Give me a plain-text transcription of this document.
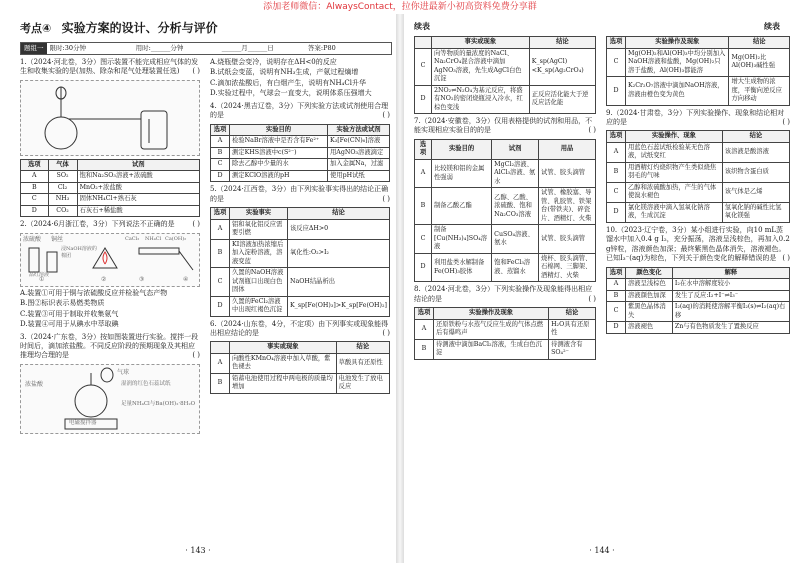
添加老师微信：AlwaysContact，拉你进最新小初高资料免费分享群
考点④ 实验方案的设计、分析与评价
题组一 限时:30分钟	用时:______分钟	______月______日	答案:P80
1.（2024·河北卷，3分）图示装置不能完成相应气体的发生和收集实验的是(加热、除杂和尾气处理装置任选) ( )
选项	气体	试剂
A	SO₂	饱和Na₂SO₃溶液+浓硫酸
B	Cl₂	MnO₂+浓盐酸
C	NH₃	固体NH₄Cl+熟石灰
D	CO₂	石灰石+稀盐酸
2.（2024·6月浙江卷，3分）下列说法不正确的是	( )
浓硫酸 铜丝
浸NaOH溶液的棉团
品红溶液
CaCl₂ NH₄Cl Ca(OH)₂
①	②	③	④
A.装置①可用于铜与浓硫酸反应并检验气态产物
B.图②标识表示易燃类物质
C.装置③可用于制取并收集氨气
D.装置④可用于从碘水中萃取碘
3.（2024·广东卷，3分）按如图装置进行实验。搅拌一段时间后，滴加浓盐酸。不同反应阶段的预期现象及其相应推理均合理的是	( )
浓盐酸
气球
湿润的红色石蕊试纸
足量NH₄Cl与Ba(OH)₂·8H₂O
电磁搅拌器
A.烧瓶壁会变冷，说明存在ΔH<0的反应
B.试纸会变蓝，说明有NH₃生成，产氨过程熵增
C.滴加浓盐酸后，有白烟产生，说明有NH₄Cl升华
D.实验过程中，气球会一直变大，说明体系压强增大
4.（2024·黑吉辽卷，3分）下列实验方法或试剂使用合理的是	( )
选项	实验目的	实验方法或试剂
A	检验NaBr溶液中是否含有Fe²⁺	K₃[Fe(CN)₆]溶液
B	测定KHS溶液中c(S²⁻)	用AgNO₃溶液滴定
C	除去乙醇中少量的水	加入金属Na，过滤
D	测定KClO溶液的pH	使用pH试纸
5.（2024·江西卷，3分）由下列实验事实得出的结论正确的是	( )
选项	实验事实	结论
A	铝和氧化铝反应需要引燃	该反应ΔH>0
B	KI溶液加热浓缩后加入淀粉溶液，溶液变蓝	氧化性:O₂>I₂
C	久置的NaOH溶液试剂瓶口出现白色固体	NaOH结晶析出
D	久置的FeCl₂溶液中出现红褐色沉淀	K_sp[Fe(OH)₃]>K_sp[Fe(OH)₂]
6.（2024·山东卷，4分，不定项）由下列事实或现象能得出相应结论的是	( )
	事实或现象	结论
A	向酸性KMnO₄溶液中加入草酸，紫色褪去	草酸具有还原性
B	铅蓄电池使用过程中两电极的质量均增加	电池发生了放电反应
· 143 ·
续表	续表
	事实或现象	结论
C	向等物质的量浓度的NaCl、Na₂CrO₄混合溶液中滴加AgNO₃溶液，先生成AgCl白色沉淀	K_sp(AgCl)<K_sp(Ag₂CrO₄)
D	2NO₂⇌N₂O₄为基元反应，将盛有NO₂的密闭烧瓶浸入冷水，红棕色变浅	正反应活化能大于逆反应活化能
7.（2024·安徽卷，3分）仅用表格提供的试剂和用品，不能实现相应实验目的的是	( )
选项	实验目的	试剂	用品
A	比较镁和铝的金属性强弱	MgCl₂溶液、AlCl₃溶液、氨水	试管、胶头滴管
B	制备乙酸乙酯	乙醇、乙酸、浓硫酸、饱和Na₂CO₃溶液	试管、橡胶塞、导管、乳胶管、铁架台(带铁夹)、碎瓷片、酒精灯、火柴
C	制备[Cu(NH₃)₄]SO₄溶液	CuSO₄溶液、氨水	试管、胶头滴管
D	利用盐类水解制备Fe(OH)₃胶体	饱和FeCl₃溶液、蒸馏水	烧杯、胶头滴管、石棉网、三脚架、酒精灯、火柴
8.（2024·河北卷，3分）下列实验操作及现象能得出相应结论的是	( )
选项	实验操作及现象	结论
A	还原铁粉与水蒸气反应生成的气体点燃后有爆鸣声	H₂O具有还原性
B	待测液中滴加BaCl₂溶液，生成白色沉淀	待测液含有SO₄²⁻
选项	实验操作及现象	结论
C	Mg(OH)₂和Al(OH)₃中均分别加入NaOH溶液和盐酸，Mg(OH)₂只溶于盐酸，Al(OH)₃都能溶	Mg(OH)₂比Al(OH)₃碱性强
D	K₂Cr₂O₇溶液中滴加NaOH溶液，溶液由橙色变为黄色	增大生成物的浓度，平衡向逆反应方向移动
9.（2024·甘肃卷，3分）下列实验操作、现象和结论相对应的是	( )
选项	实验操作、现象	结论
A	用蓝色石蕊试纸检验某无色溶液，试纸变红	该溶液是酸溶液
B	用酒精灯灼烧织物产生类似烧焦羽毛的气味	该织物含蛋白质
C	乙醇和浓硫酸加热，产生的气体使溴水褪色	该气体是乙烯
D	氯化镁溶液中滴入氢氧化钠溶液，生成沉淀	氢氧化钠的碱性比氢氧化镁强
10.（2023·辽宁卷，3分）某小组进行实验，向10 mL蒸馏水中加入0.4 g I₂，充分振荡，溶液呈浅棕色，再加入0.2 g锌粒，溶液颜色加深；最终紫黑色晶体消失，溶液褪色。已知I₃⁻(aq)为棕色，下列关于颜色变化的解释错误的是 ( )
选项	颜色变化	解释
A	溶液呈浅棕色	I₂在水中溶解度较小
B	溶液颜色加深	发生了反应:I₂+I⁻⇌I₃⁻
C	紫黑色晶体消失	I₂(aq)的消耗使溶解平衡I₂(s)⇌I₂(aq)右移
D	溶液褪色	Zn与有色物质发生了置换反应
· 144 ·
